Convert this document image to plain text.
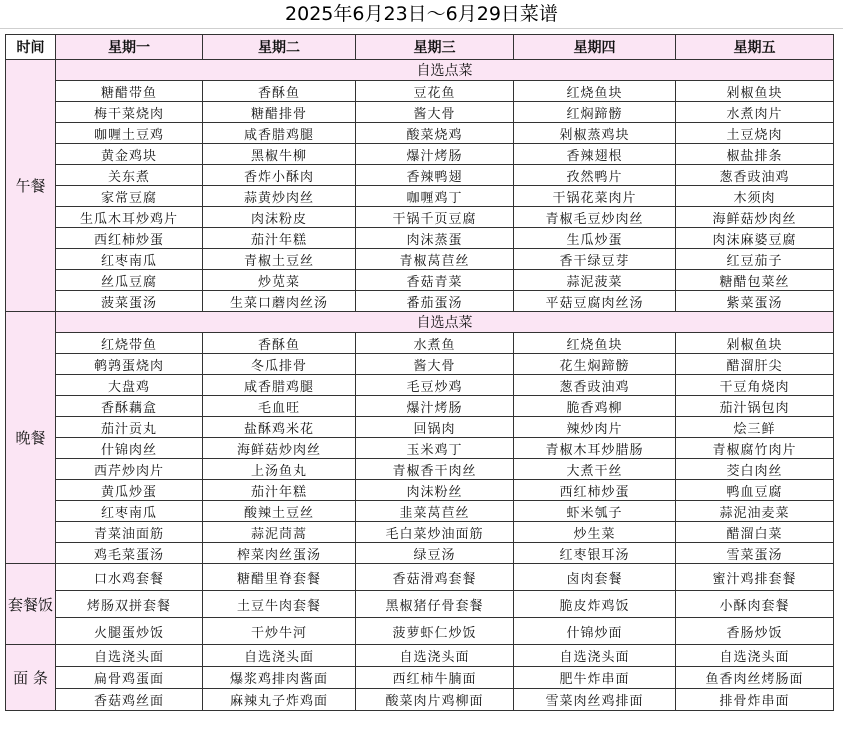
2025年6月23日～6月29日菜谱
时间	星期一	星期二	星期三	星期四	星期五
午餐	自选点菜				
	糖醋带鱼	香酥鱼	豆花鱼	红烧鱼块	剁椒鱼块
	梅干菜烧肉	糖醋排骨	酱大骨	红焖蹄髈	水煮肉片
	咖喱土豆鸡	咸香腊鸡腿	酸菜烧鸡	剁椒蒸鸡块	土豆烧肉
	黄金鸡块	黑椒牛柳	爆汁烤肠	香辣翅根	椒盐排条
	关东煮	香炸小酥肉	香辣鸭翅	孜然鸭片	葱香豉油鸡
	家常豆腐	蒜黄炒肉丝	咖喱鸡丁	干锅花菜肉片	木须肉
	生瓜木耳炒鸡片	肉沫粉皮	干锅千页豆腐	青椒毛豆炒肉丝	海鲜菇炒肉丝
	西红柿炒蛋	茄汁年糕	肉沫蒸蛋	生瓜炒蛋	肉沫麻婆豆腐
	红枣南瓜	青椒土豆丝	青椒莴苣丝	香干绿豆芽	红豆茄子
	丝瓜豆腐	炒苋菜	香菇青菜	蒜泥菠菜	糖醋包菜丝
	菠菜蛋汤	生菜口蘑肉丝汤	番茄蛋汤	平菇豆腐肉丝汤	紫菜蛋汤
晚餐	自选点菜				
	红烧带鱼	香酥鱼	水煮鱼	红烧鱼块	剁椒鱼块
	鹌鹑蛋烧肉	冬瓜排骨	酱大骨	花生焖蹄髈	醋溜肝尖
	大盘鸡	咸香腊鸡腿	毛豆炒鸡	葱香豉油鸡	干豆角烧肉
	香酥藕盒	毛血旺	爆汁烤肠	脆香鸡柳	茄汁锅包肉
	茄汁贡丸	盐酥鸡米花	回锅肉	辣炒肉片	烩三鲜
	什锦肉丝	海鲜菇炒肉丝	玉米鸡丁	青椒木耳炒腊肠	青椒腐竹肉片
	西芹炒肉片	上汤鱼丸	青椒香干肉丝	大煮干丝	茭白肉丝
	黄瓜炒蛋	茄汁年糕	肉沫粉丝	西红柿炒蛋	鸭血豆腐
	红枣南瓜	酸辣土豆丝	韭菜莴苣丝	虾米瓠子	蒜泥油麦菜
	青菜油面筋	蒜泥茼蒿	毛白菜炒油面筋	炒生菜	醋溜白菜
	鸡毛菜蛋汤	榨菜肉丝蛋汤	绿豆汤	红枣银耳汤	雪菜蛋汤
套餐饭	口水鸡套餐	糖醋里脊套餐	香菇滑鸡套餐	卤肉套餐	蜜汁鸡排套餐
	烤肠双拼套餐	土豆牛肉套餐	黑椒猪仔骨套餐	脆皮炸鸡饭	小酥肉套餐
	火腿蛋炒饭	干炒牛河	菠萝虾仁炒饭	什锦炒面	香肠炒饭
面 条	自选浇头面	自选浇头面	自选浇头面	自选浇头面	自选浇头面
	扁骨鸡蛋面	爆浆鸡排肉酱面	西红柿牛腩面	肥牛炸串面	鱼香肉丝烤肠面
	香菇鸡丝面	麻辣丸子炸鸡面	酸菜肉片鸡柳面	雪菜肉丝鸡排面	排骨炸串面
